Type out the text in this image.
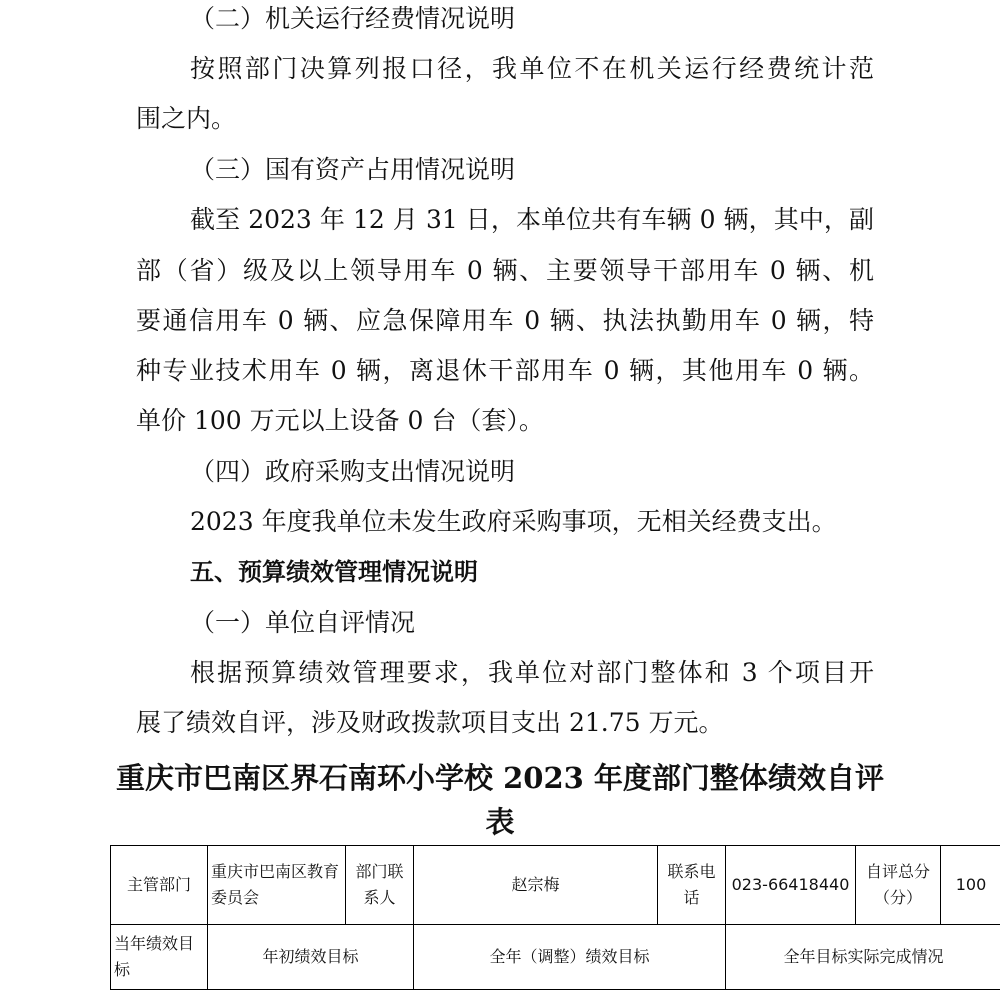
（二）机关运行经费情况说明
按照部门决算列报口径，我单位不在机关运行经费统计范
围之内。
（三）国有资产占用情况说明
截至 2023 年 12 月 31 日，本单位共有车辆 0 辆，其中，副
部（省）级及以上领导用车 0 辆、主要领导干部用车 0 辆、机
要通信用车 0 辆、应急保障用车 0 辆、执法执勤用车 0 辆，特
种专业技术用车 0 辆，离退休干部用车 0 辆，其他用车 0 辆。
单价 100 万元以上设备 0 台（套）。
（四）政府采购支出情况说明
2023 年度我单位未发生政府采购事项，无相关经费支出。
五、预算绩效管理情况说明
（一）单位自评情况
根据预算绩效管理要求，我单位对部门整体和 3 个项目开
展了绩效自评，涉及财政拨款项目支出 21.75 万元。
重庆市巴南区界石南环小学校 2023 年度部门整体绩效自评
表
主管部门	重庆市巴南区教育委员会	部门联系人	赵宗梅	联系电话	023-66418440	自评总分（分）	100
当年绩效目标	年初绩效目标		全年（调整）绩效目标		全年目标实际完成情况		
